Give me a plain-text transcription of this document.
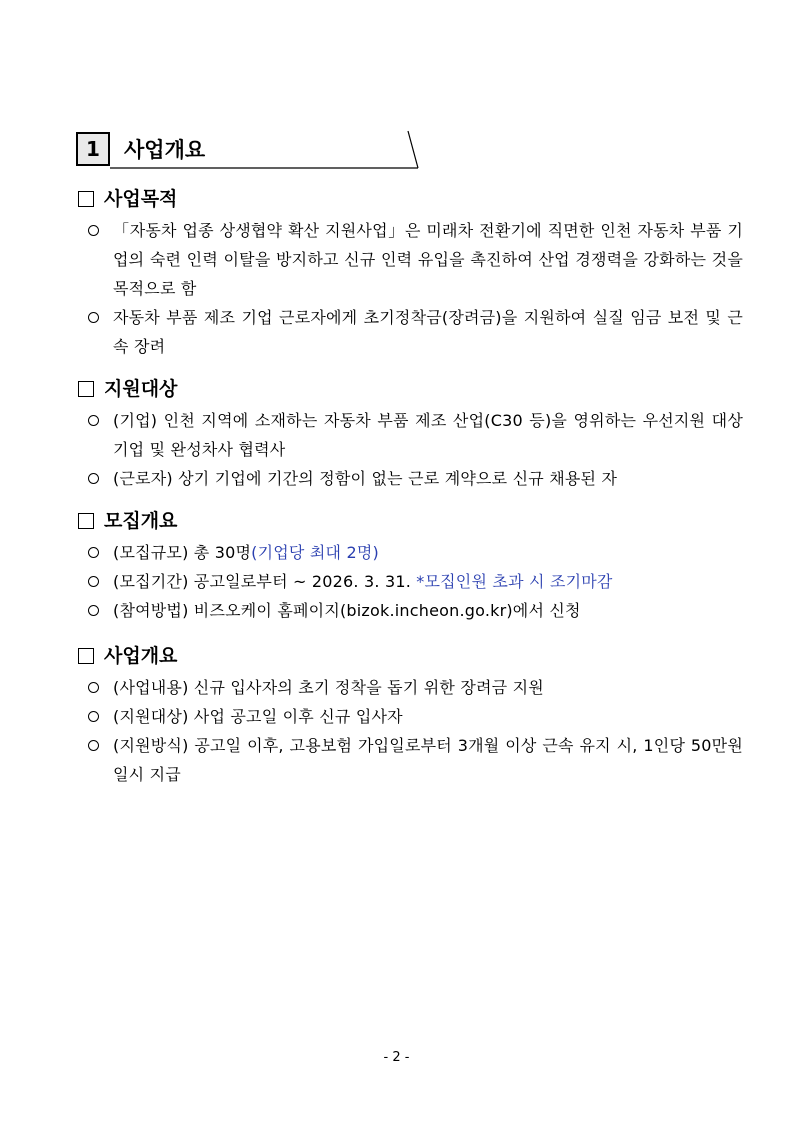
1	사업개요
사업목적
「자동차 업종 상생협약 확산 지원사업」은 미래차 전환기에 직면한 인천 자동차 부품 기업의 숙련 인력 이탈을 방지하고 신규 인력 유입을 촉진하여 산업 경쟁력을 강화하는 것을 목적으로 함
자동차 부품 제조 기업 근로자에게 초기정착금(장려금)을 지원하여 실질 임금 보전 및 근속 장려
지원대상
(기업) 인천 지역에 소재하는 자동차 부품 제조 산업(C30 등)을 영위하는 우선지원 대상기업 및 완성차사 협력사
(근로자) 상기 기업에 기간의 정함이 없는 근로 계약으로 신규 채용된 자
모집개요
(모집규모) 총 30명(기업당 최대 2명)
(모집기간) 공고일로부터 ~ 2026. 3. 31. *모집인원 초과 시 조기마감
(참여방법) 비즈오케이 홈페이지(bizok.incheon.go.kr)에서 신청
사업개요
(사업내용) 신규 입사자의 초기 정착을 돕기 위한 장려금 지원
(지원대상) 사업 공고일 이후 신규 입사자
(지원방식) 공고일 이후, 고용보험 가입일로부터 3개월 이상 근속 유지 시, 1인당 50만원 일시 지급
- 2 -
